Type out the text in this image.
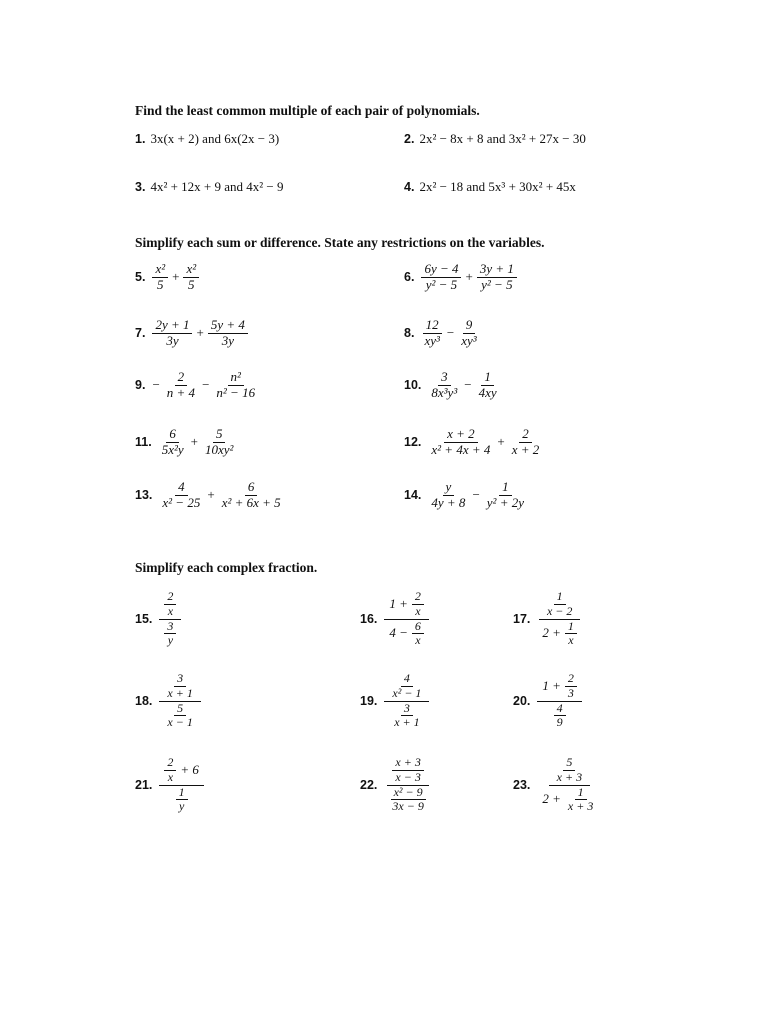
Find the least common multiple of each pair of polynomials.
1. 3x(x + 2) and 6x(2x − 3)	2. 2x² − 8x + 8 and 3x² + 27x − 30
3. 4x² + 12x + 9 and 4x² − 9	4. 2x² − 18 and 5x³ + 30x² + 45x
Simplify each sum or difference. State any restrictions on the variables.
5. $\frac{\text{x²}}{5} + \frac{\text{x²}}{5}$	6. $\frac{6y - 4}{\text{y² − 5}} + \frac{3y + 1}{\text{y² − 5}}$
7. $\frac{2y + 1}{3y} + \frac{5y + 4}{3y}$	8. $\frac{12}{\text{xy³}} - \frac{9}{\text{xy³}}$
9. − $\frac{2}{n + 4} - \frac{\text{n²}}{\text{n² − 16}}$	10. $\frac{3}{\text{8x³y³}} - \frac{1}{4xy}$
11. $\frac{6}{\text{5x²y}} + \frac{5}{\text{10xy²}}$	12. $\frac{x + 2}{\text{x² + 4x + 4}} + \frac{2}{x + 2}$
13. $\frac{4}{\text{x² − 25}} + \frac{6}{\text{x² + 6x + 5}}$	14. $\frac{y}{4y + 8} - \frac{1}{\text{y² + 2y}}$
Simplify each complex fraction.
15. $\frac{\frac{2}{x}}{\frac{3}{y}}$	16. $\frac{1 + \frac{2}{x}}{4 - \frac{6}{x}}$	17. $\frac{\frac{1}{x - 2}}{2 + \frac{1}{x}}$
18. $\frac{\frac{3}{x + 1}}{\frac{5}{x - 1}}$	19. $\frac{\frac{4}{\text{x² − 1}}}{\frac{3}{x + 1}}$	20. $\frac{1 + \frac{2}{3}}{\frac{4}{9}}$
21. $\frac{\frac{2}{x} + 6}{\frac{1}{y}}$	22. $\frac{\frac{x + 3}{x - 3}}{\frac{\text{x² − 9}}{3x - 9}}$	23. $\frac{\frac{5}{x + 3}}{2 + \frac{1}{x + 3}}$
